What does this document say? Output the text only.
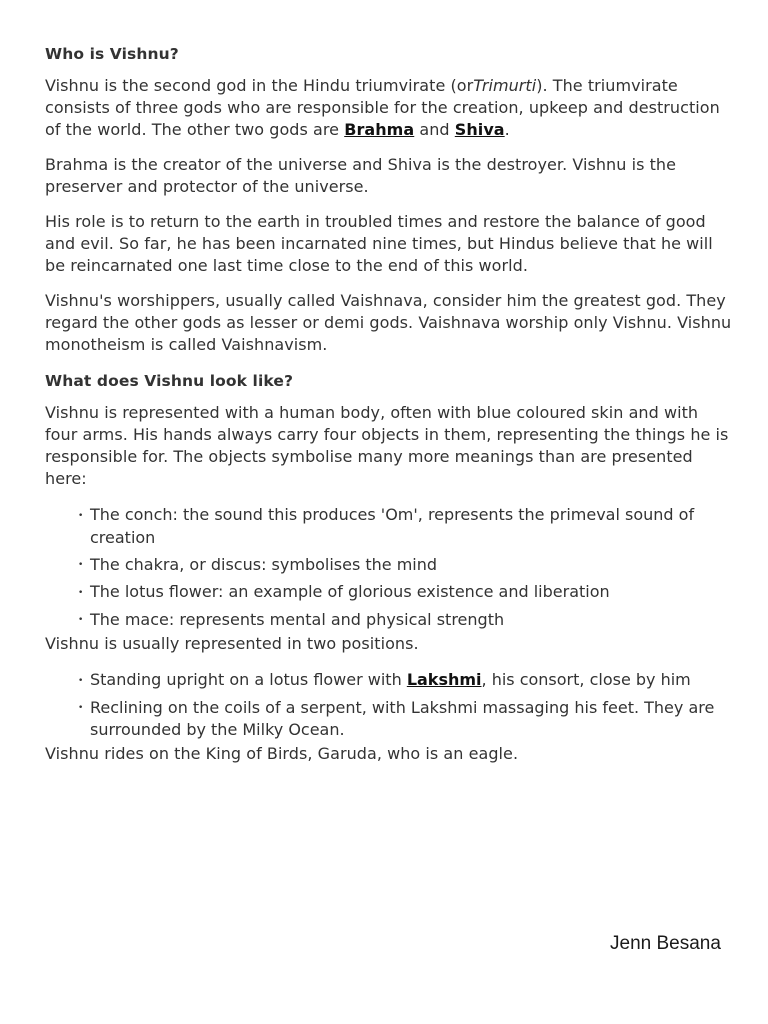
Who is Vishnu?

Vishnu is the second god in the Hindu triumvirate (orTrimurti). The triumvirate consists of three gods who are responsible for the creation, upkeep and destruction of the world. The other two gods are Brahma and Shiva.

Brahma is the creator of the universe and Shiva is the destroyer. Vishnu is the preserver and protector of the universe.

His role is to return to the earth in troubled times and restore the balance of good and evil. So far, he has been incarnated nine times, but Hindus believe that he will be reincarnated one last time close to the end of this world.

Vishnu's worshippers, usually called Vaishnava, consider him the greatest god. They regard the other gods as lesser or demi gods. Vaishnava worship only Vishnu. Vishnu monotheism is called Vaishnavism.

What does Vishnu look like?

Vishnu is represented with a human body, often with blue coloured skin and with four arms. His hands always carry four objects in them, representing the things he is responsible for. The objects symbolise many more meanings than are presented here:

• The conch: the sound this produces 'Om', represents the primeval sound of creation
• The chakra, or discus: symbolises the mind
• The lotus flower: an example of glorious existence and liberation
• The mace: represents mental and physical strength

Vishnu is usually represented in two positions.

• Standing upright on a lotus flower with Lakshmi, his consort, close by him
• Reclining on the coils of a serpent, with Lakshmi massaging his feet. They are surrounded by the Milky Ocean.

Vishnu rides on the King of Birds, Garuda, who is an eagle.

Jenn Besana
